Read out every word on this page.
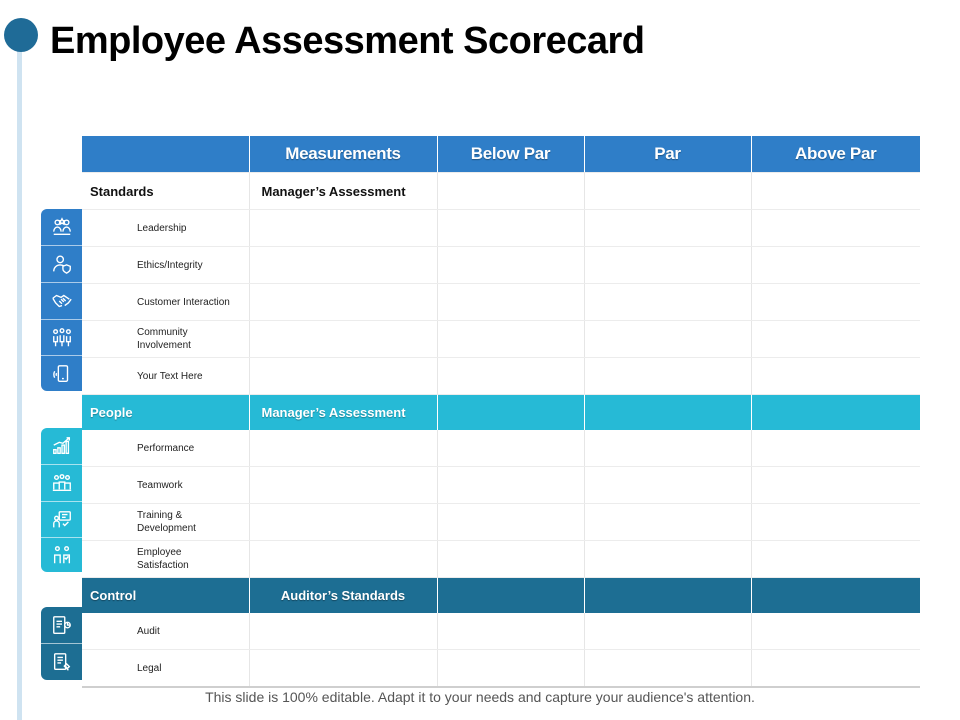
Employee Assessment Scorecard
	Measurements	Below Par	Par	Above Par
Standards	Manager’s Assessment			
Leadership				
Ethics/Integrity				
Customer Interaction				
Community Involvement				
Your Text Here				
People	Manager’s Assessment			
Performance				
Teamwork				
Training & Development				
Employee Satisfaction				
Control	Auditor’s Standards			
Audit				
Legal				
This slide is 100% editable. Adapt it to your needs and capture your audience's attention.
